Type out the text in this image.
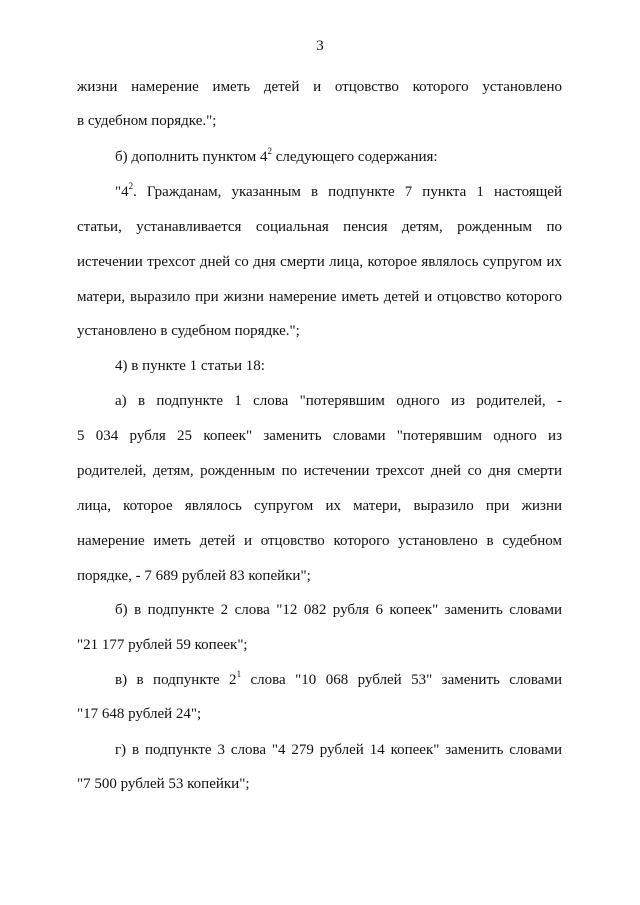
3
жизни намерение иметь детей и отцовство которого установлено
в судебном порядке.";
б) дополнить пунктом $4^2$ следующего содержания:
"$4^2$. Гражданам, указанным в подпункте 7 пункта 1 настоящей
статьи, устанавливается социальная пенсия детям, рожденным по
истечении трехсот дней со дня смерти лица, которое являлось супругом их
матери, выразило при жизни намерение иметь детей и отцовство которого
установлено в судебном порядке.";
4) в пункте 1 статьи 18:
а) в подпункте 1 слова "потерявшим одного из родителей, -
5 034 рубля 25 копеек" заменить словами "потерявшим одного из
родителей, детям, рожденным по истечении трехсот дней со дня смерти
лица, которое являлось супругом их матери, выразило при жизни
намерение иметь детей и отцовство которого установлено в судебном
порядке, - 7 689 рублей 83 копейки";
б) в подпункте 2 слова "12 082 рубля 6 копеек" заменить словами
"21 177 рублей 59 копеек";
в) в подпункте $2^1$ слова "10 068 рублей 53" заменить словами
"17 648 рублей 24";
г) в подпункте 3 слова "4 279 рублей 14 копеек" заменить словами
"7 500 рублей 53 копейки";
